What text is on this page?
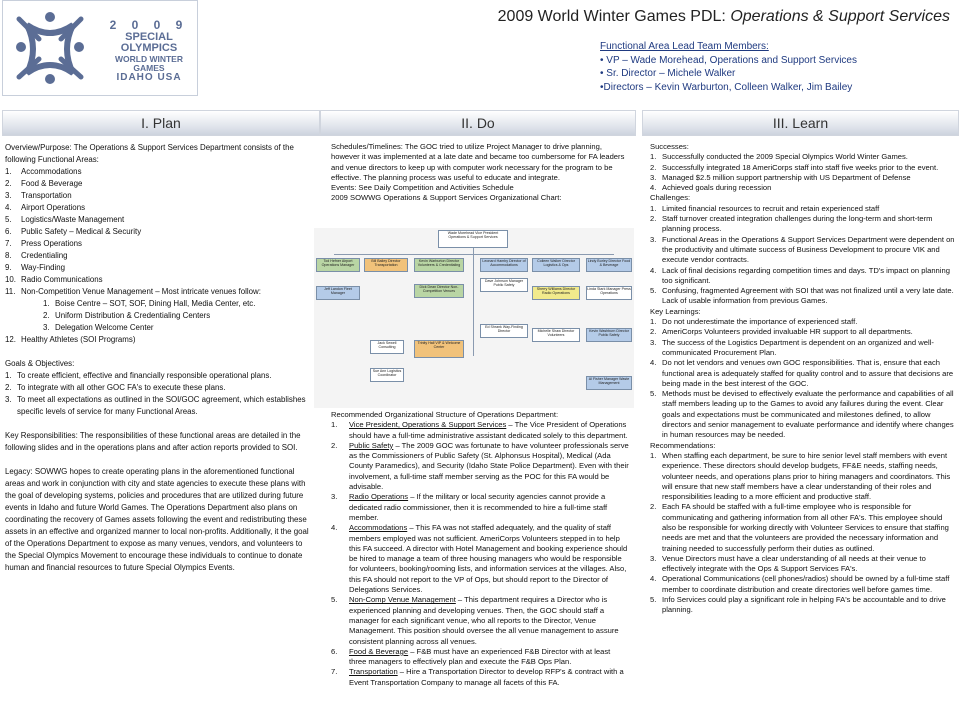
2 0 0 9
SPECIAL OLYMPICS
WORLD WINTER GAMES
IDAHO USA
2009 World Winter Games PDL: Operations & Support Services
Functional Area Lead Team Members:
• VP – Wade Morehead, Operations and Support Services
• Sr. Director – Michele Walker
•Directors – Kevin Warburton, Colleen Walker, Jim Bailey
I. Plan	II. Do	III. Learn

Overview/Purpose: The Operations & Support Services Department consists of the following Functional Areas:

1.	Accommodations
2.	Food & Beverage
3.	Transportation
4.	Airport Operations
5.	Logistics/Waste Management
6.	Public Safety – Medical & Security
7.	Press Operations
8.	Credentialing
9.	Way-Finding
10. Radio Communications
11. Non-Competition Venue Management – Most intricate venues follow:
1. Boise Centre – SOT, SOF, Dining Hall, Media Center, etc.
2. Uniform Distribution & Credentialing Centers
3. Delegation Welcome Center
12. Healthy Athletes (SOI Programs)

Goals & Objectives:

1. To create efficient, effective and financially responsible operational plans.
2. To integrate with all other GOC FA's to execute these plans.
3. To meet all expectations as outlined in the SOI/GOC agreement, which establishes specific levels of service for many Functional Areas.

Key Responsibilities: The responsibilities of these functional areas are detailed in the following slides and in the operations plans and after action reports provided to SOI.

Legacy: SOWWG hopes to create operating plans in the aforementioned functional areas and work in conjunction with city and state agencies to execute these plans with the goal of developing systems, policies and procedures that are utilized during future events in Idaho and future World Games. The Operations Department also plans on coordinating the recovery of Games assets following the event and redistributing these assets in an effective and organized manner to local non-profits. Additionally, it the goal of the Operations Department to expose as many venues, vendors, and volunteers to the Special Olympics Movement to encourage these individuals to continue to donate human and financial resources to future Special Olympics Events.

Schedules/Timelines: The GOC tried to utilize Project Manager to drive planning, however it was implemented at a late date and became too cumbersome for FA leaders and venue directors to keep up with computer work necessary for the program to be effective. The planning process was useful to educate and integrate.

Events: See Daily Competition and Activities Schedule

2009 SOWWG Operations & Support Services Organizational Chart:

Wade Morehead Vice President Operations & Support Services
Tod Hefner Airport Operations Manager
Bill Bailey Director Transportation
Kevin Warburton Director Volunteers & Credentialing
Leonard Hamby Director of Accommodations
Colleen Walker Director Logistics & Ops
Lindy Burley Director Food & Beverage
Jeff Landon Fleet Manager
Dick Dean Director Non-Competition Venues
Sherry Williams Director Radio Operations
Dave Johnson Manager Public Safety
Linda Stark Manager Press Operations
Kevin Washburn Director Public Safety
Michelle Shaw Director Volunteers
Trinity Hall VIP & Welcome Center
Ed Shrank Way-Finding Director
Al Fisher Manager Waste Management
Jack Sewell Consulting
Sue Ann Logistics Coordinator

Recommended Organizational Structure of Operations Department:

1.	Vice President, Operations & Support Services – The Vice President of Operations should have a full-time administrative assistant dedicated solely to this department.
2.	Public Safety – The 2009 GOC was fortunate to have volunteer professionals serve as the Commissioners of Public Safety (St. Alphonsus Hospital), Medical (Ada County Paramedics), and Security (Idaho State Police Department). Even with their involvement, a full-time staff member serving as the POC for this FA would be advisable.
3.	Radio Operations – If the military or local security agencies cannot provide a dedicated radio commissioner, then it is recommended to hire a full-time staff member.
4.	Accommodations – This FA was not staffed adequately, and the quality of staff members employed was not sufficient. AmeriCorps Volunteers stepped in to help this FA succeed. A director with Hotel Management and booking experience should be hired to manage a team of three housing managers who would be responsible for volunteers, booking/rooming lists, and information services at the villages. Also, this FA should not report to the VP of Ops, but should report to the Director of Delegations Services.
5.	Non-Comp Venue Management – This department requires a Director who is experienced planning and developing venues. Then, the GOC should staff a manager for each significant venue, who all reports to the Director, Venue Management. This position should oversee the all venue management to assure consistent planning across all venues.
6.	Food & Beverage – F&B must have an experienced F&B Director with at least three managers to effectively plan and execute the F&B Ops Plan.
7.	Transportation – Hire a Transportation Director to develop RFP's & contract with a Event Transportation Company to manage all facets of this FA.

Successes:

1. Successfully conducted the 2009 Special Olympics World Winter Games.
2. Successfully integrated 18 AmeriCorps staff into staff five weeks prior to the event.
3. Managed $2.5 million support partnership with US Department of Defense
4. Achieved goals during recession

Challenges:

1. Limited financial resources to recruit and retain experienced staff
2. Staff turnover created integration challenges during the long-term and short-term planning process.
3. Functional Areas in the Operations & Support Services Department were dependent on the productivity and ultimate success of Business Development to procure VIK and execute vendor contracts.
4. Lack of final decisions regarding competition times and days. TD's impact on planning too significant.
5. Confusing, fragmented Agreement with SOI that was not finalized until a very late date. Lack of usable information from previous Games.

Key Learnings:

1. Do not underestimate the importance of experienced staff.
2. AmeriCorps Volunteers provided invaluable HR support to all departments.
3. The success of the Logistics Department is dependent on an organized and well-communicated Procurement Plan.
4. Do not let vendors and venues own GOC responsibilities. That is, ensure that each functional area is adequately staffed for quality control and to assure that decisions are being made in the best interest of the GOC.
5. Methods must be devised to effectively evaluate the performance and capabilities of all staff members leading up to the Games to avoid any failures during the event. Clear goals and expectations must be communicated and milestones defined, to allow directors and senior management to evaluate performance and identify where changes in human resources may be needed.

Recommendations:

1. When staffing each department, be sure to hire senior level staff members with event experience. These directors should develop budgets, FF&E needs, staffing needs, volunteer needs, and operations plans prior to hiring managers and coordinators. This will ensure that new staff members have a clear understanding of their roles and responsibilities leading to a more efficient and productive staff.
2. Each FA should be staffed with a full-time employee who is responsible for communicating and gathering information from all other FA's. This employee should also be responsible for working directly with Volunteer Services to ensure that staffing needs are met and that the volunteers are provided the necessary information and training needed to successfully perform their duties as outlined.
3. Venue Directors must have a clear understanding of all needs at their venue to effectively integrate with the Ops & Support Services FA's.
4. Operational Communications (cell phones/radios) should be owned by a full-time staff member to coordinate distribution and create directories well before games time.
5. Info Services could play a significant role in helping FA's be accountable and to drive planning.
